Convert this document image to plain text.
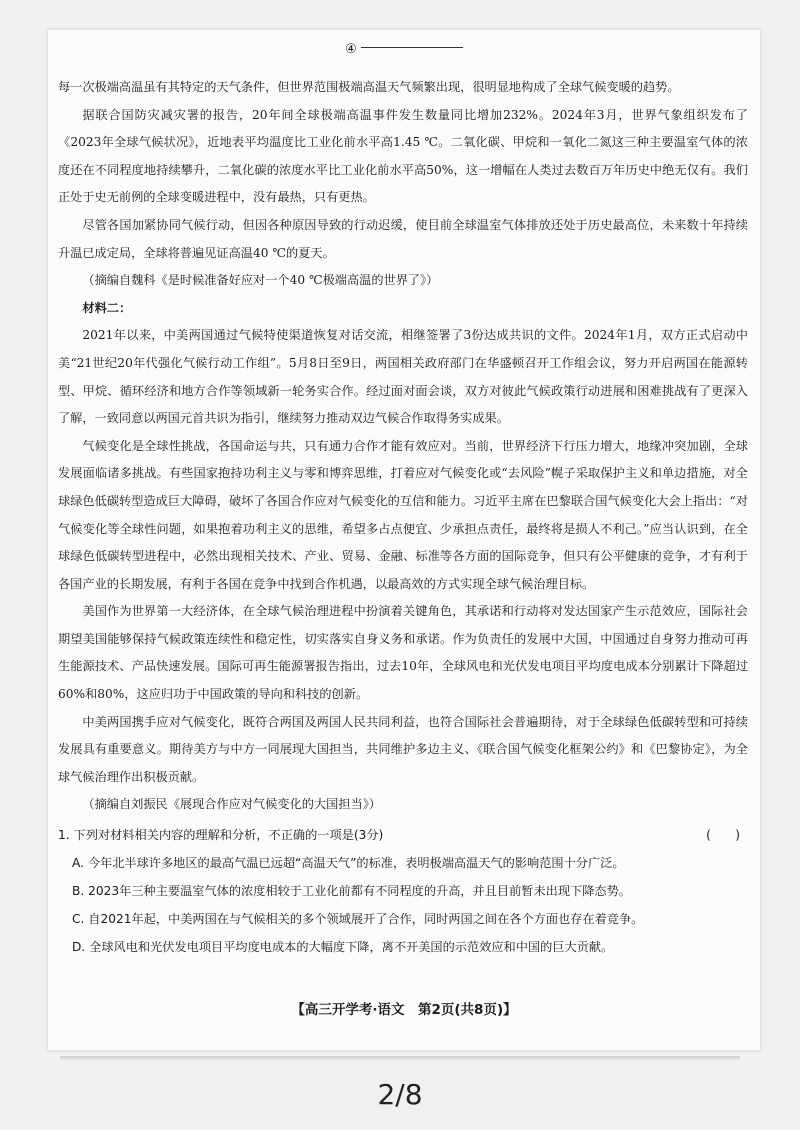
④

每一次极端高温虽有其特定的天气条件，但世界范围极端高温天气频繁出现，很明显地构成了全球气候变暖的趋势。

据联合国防灾减灾署的报告，20年间全球极端高温事件发生数量同比增加232%。2024年3月，世界气象组织发布了《2023年全球气候状况》，近地表平均温度比工业化前水平高1.45 ℃。二氧化碳、甲烷和一氧化二氮这三种主要温室气体的浓度还在不同程度地持续攀升，二氧化碳的浓度水平比工业化前水平高50%，这一增幅在人类过去数百万年历史中绝无仅有。我们正处于史无前例的全球变暖进程中，没有最热，只有更热。

尽管各国加紧协同气候行动，但因各种原因导致的行动迟缓，使目前全球温室气体排放还处于历史最高位，未来数十年持续升温已成定局，全球将普遍见证高温40 ℃的夏天。

（摘编自魏科《是时候准备好应对一个40 ℃极端高温的世界了》）

材料二：

2021年以来，中美两国通过气候特使渠道恢复对话交流，相继签署了3份达成共识的文件。2024年1月，双方正式启动中美“21世纪20年代强化气候行动工作组”。5月8日至9日，两国相关政府部门在华盛顿召开工作组会议，努力开启两国在能源转型、甲烷、循环经济和地方合作等领域新一轮务实合作。经过面对面会谈，双方对彼此气候政策行动进展和困难挑战有了更深入了解，一致同意以两国元首共识为指引，继续努力推动双边气候合作取得务实成果。

气候变化是全球性挑战，各国命运与共，只有通力合作才能有效应对。当前，世界经济下行压力增大，地缘冲突加剧，全球发展面临诸多挑战。有些国家抱持功利主义与零和博弈思维，打着应对气候变化或“去风险”幌子采取保护主义和单边措施，对全球绿色低碳转型造成巨大障碍，破坏了各国合作应对气候变化的互信和能力。习近平主席在巴黎联合国气候变化大会上指出：“对气候变化等全球性问题，如果抱着功利主义的思维，希望多占点便宜、少承担点责任，最终将是损人不利己。”应当认识到，在全球绿色低碳转型进程中，必然出现相关技术、产业、贸易、金融、标准等各方面的国际竞争，但只有公平健康的竞争，才有利于各国产业的长期发展，有利于各国在竞争中找到合作机遇，以最高效的方式实现全球气候治理目标。

美国作为世界第一大经济体，在全球气候治理进程中扮演着关键角色，其承诺和行动将对发达国家产生示范效应，国际社会期望美国能够保持气候政策连续性和稳定性，切实落实自身义务和承诺。作为负责任的发展中大国，中国通过自身努力推动可再生能源技术、产品快速发展。国际可再生能源署报告指出，过去10年，全球风电和光伏发电项目平均度电成本分别累计下降超过60%和80%，这应归功于中国政策的导向和科技的创新。

中美两国携手应对气候变化，既符合两国及两国人民共同利益，也符合国际社会普遍期待，对于全球绿色低碳转型和可持续发展具有重要意义。期待美方与中方一同展现大国担当，共同维护多边主义、《联合国气候变化框架公约》和《巴黎协定》，为全球气候治理作出积极贡献。

（摘编自刘振民《展现合作应对气候变化的大国担当》）

1. 下列对材料相关内容的理解和分析，不正确的一项是(3分)	(　　)
A. 今年北半球许多地区的最高气温已远超“高温天气”的标准，表明极端高温天气的影响范围十分广泛。
B. 2023年三种主要温室气体的浓度相较于工业化前都有不同程度的升高，并且目前暂未出现下降态势。
C. 自2021年起，中美两国在与气候相关的多个领域展开了合作，同时两国之间在各个方面也存在着竞争。
D. 全球风电和光伏发电项目平均度电成本的大幅度下降，离不开美国的示范效应和中国的巨大贡献。
【高三开学考·语文　第2页(共8页)】
2/8
